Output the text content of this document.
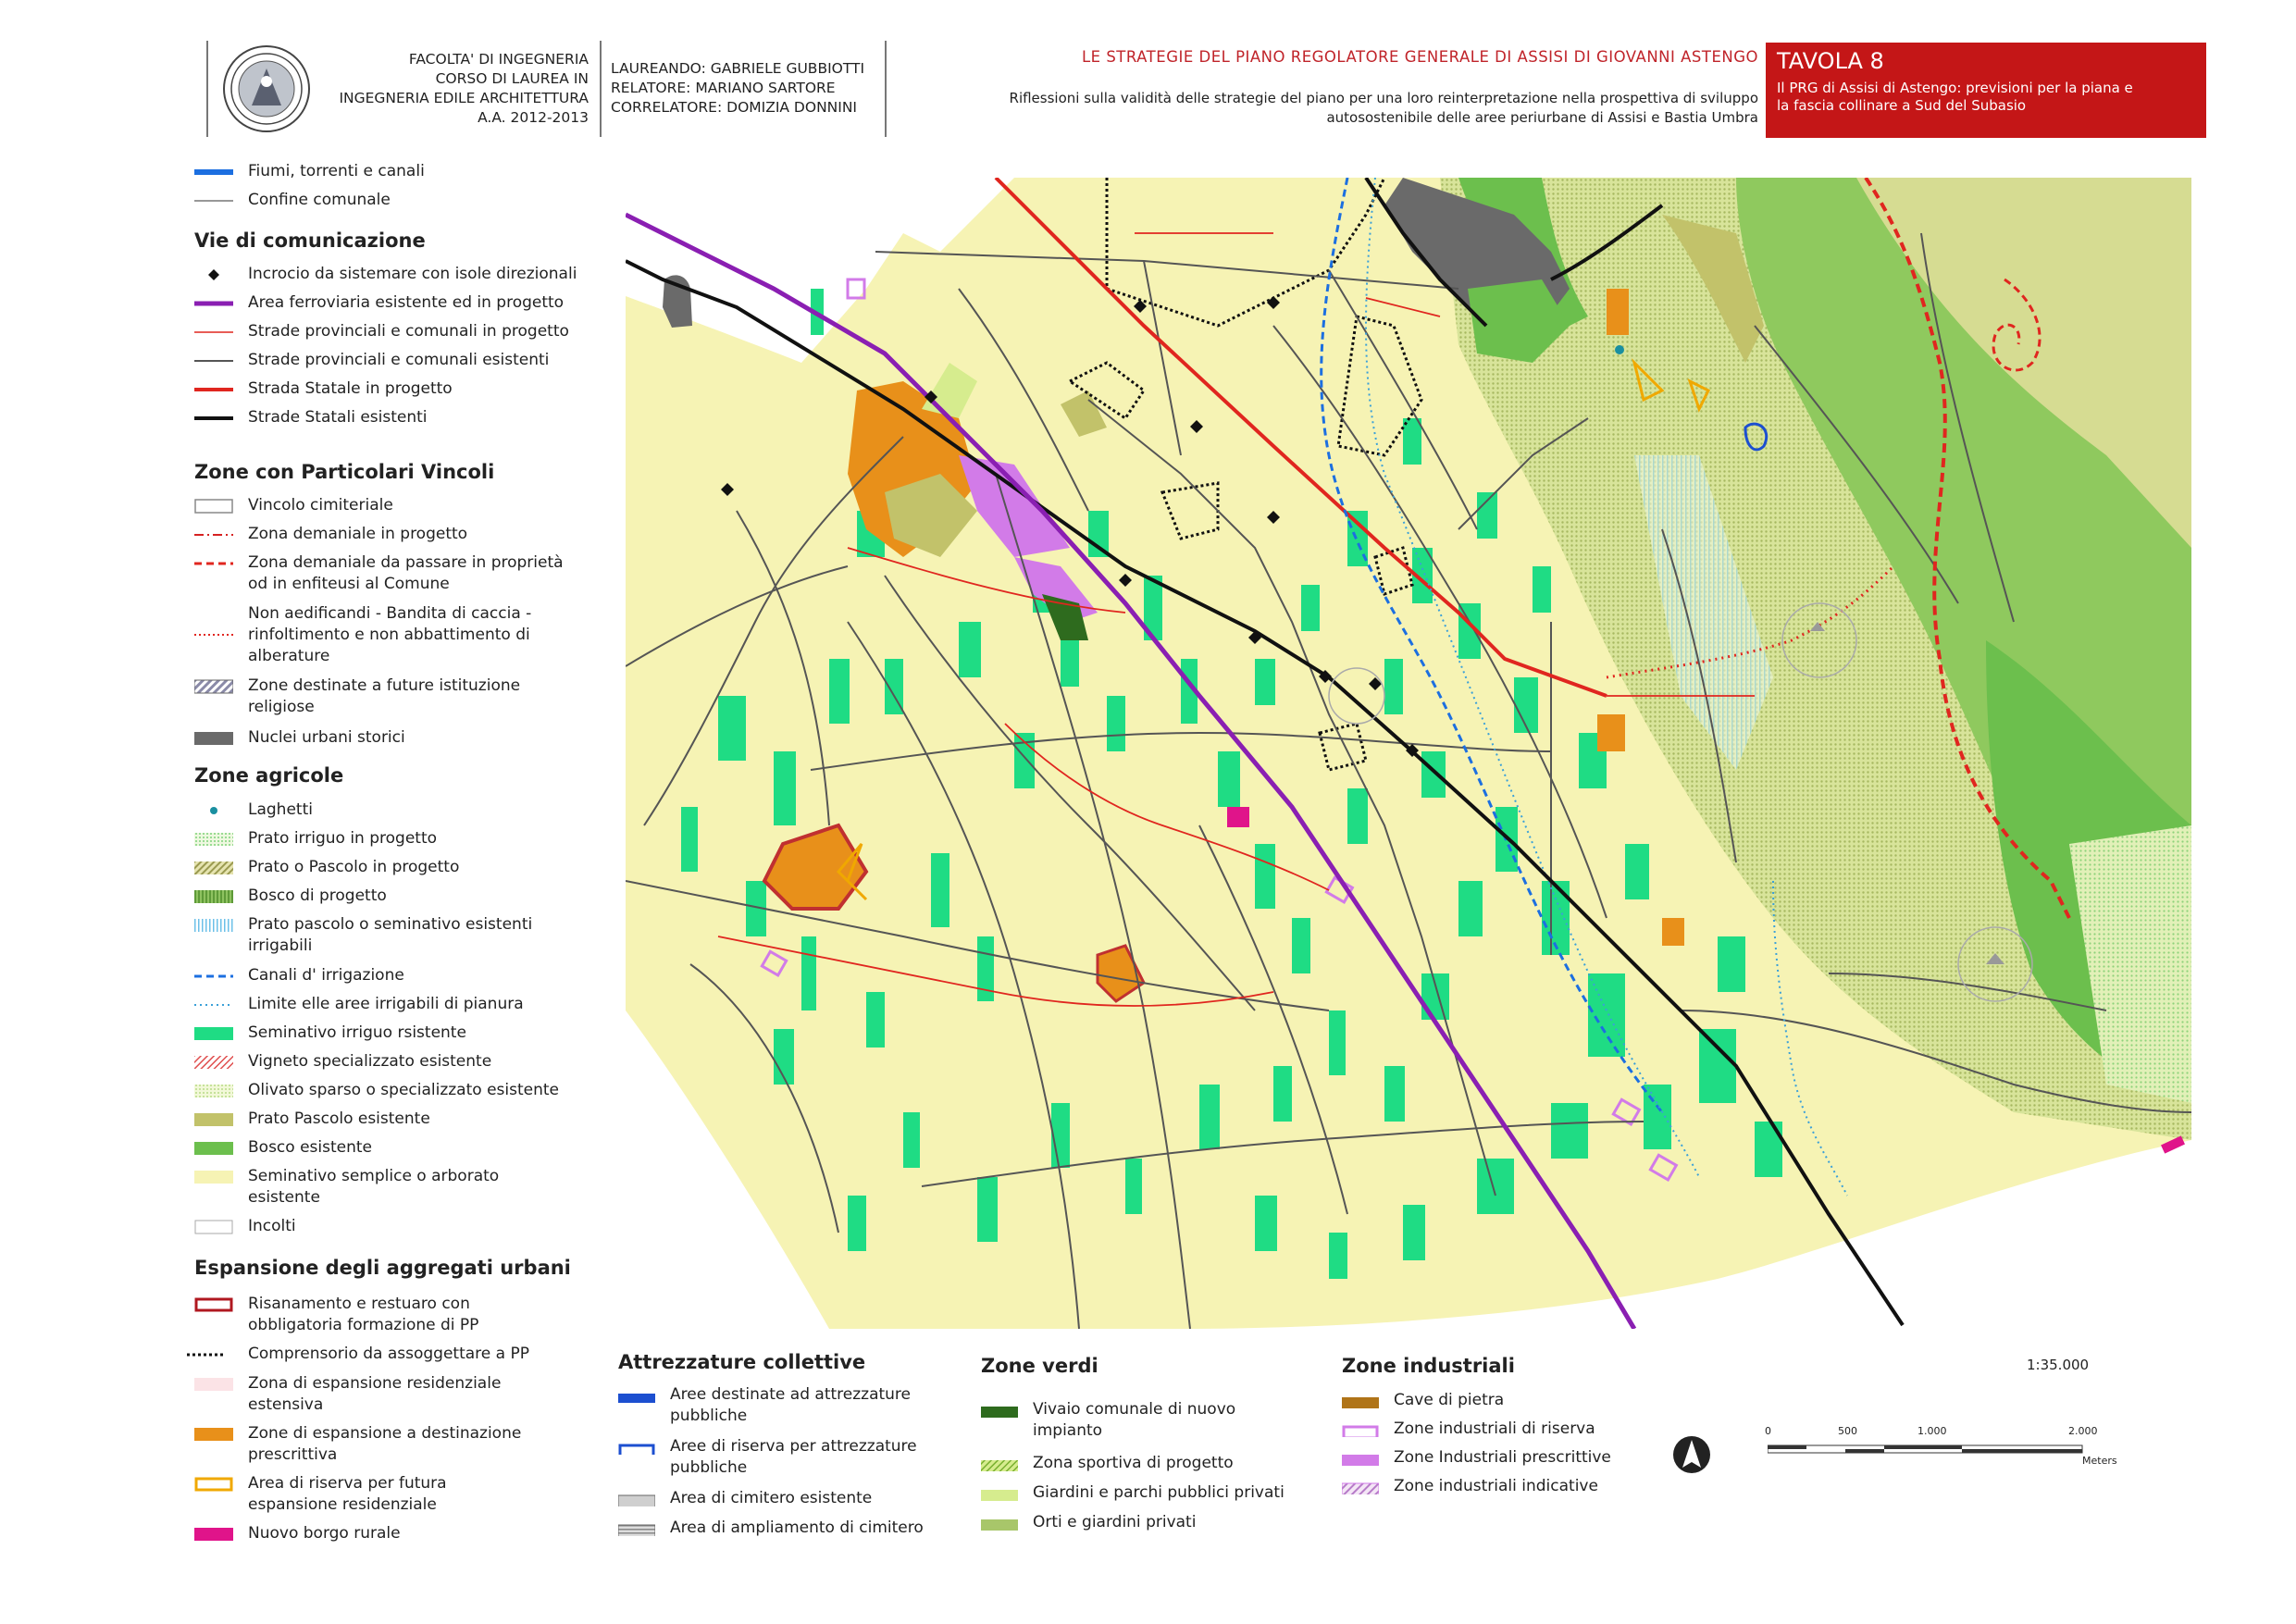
FACOLTA' DI INGEGNERIA
CORSO DI LAUREA IN
INGEGNERIA EDILE ARCHITETTURA
A.A. 2012-2013
LAUREANDO: GABRIELE GUBBIOTTI
RELATORE: MARIANO SARTORE
CORRELATORE: DOMIZIA DONNINI
LE STRATEGIE DEL PIANO REGOLATORE GENERALE DI ASSISI DI GIOVANNI ASTENGO
Riflessioni sulla validità delle strategie del piano per una loro reinterpretazione nella prospettiva di sviluppo
autosostenibile delle aree periurbane di Assisi e Bastia Umbra
TAVOLA 8
Il PRG di Assisi di Astengo: previsioni per la piana e
la fascia collinare a Sud del Subasio
Fiumi, torrenti e canali
Confine comunale
Vie di comunicazione
Incrocio da sistemare con isole direzionali
Area ferroviaria esistente ed in progetto
Strade provinciali e comunali in progetto
Strade provinciali e comunali esistenti
Strada Statale in progetto
Strade Statali esistenti
Zone con Particolari Vincoli
Vincolo cimiteriale
Zona demaniale in progetto
Zona demaniale da passare in proprietà
od in enfiteusi al Comune
Non aedificandi - Bandita di caccia -
rinfoltimento e non abbattimento di
alberature
Zone destinate a future istituzione
religiose
Nuclei urbani storici
Zone agricole
Laghetti
Prato irriguo in progetto
Prato o Pascolo in progetto
Bosco di progetto
Prato pascolo o seminativo esistenti
irrigabili
Canali d' irrigazione
Limite elle aree irrigabili di pianura
Seminativo irriguo rsistente
Vigneto specializzato esistente
Olivato sparso o specializzato esistente
Prato Pascolo esistente
Bosco esistente
Seminativo semplice o arborato
esistente
Incolti
Espansione degli aggregati urbani
Risanamento e restuaro con
obbligatoria formazione di PP
Comprensorio da assoggettare a PP
Zona di espansione residenziale
estensiva
Zone di espansione a destinazione
prescrittiva
Area di riserva per futura
espansione residenziale
Nuovo borgo rurale
Attrezzature collettive
Aree destinate ad attrezzature
pubbliche
Aree di riserva per attrezzature
pubbliche
Area di cimitero esistente
Area di ampliamento di cimitero
Zone verdi
Vivaio comunale di nuovo
impianto
Zona sportiva di progetto
Giardini e parchi pubblici privati
Orti e giardini privati
Zone industriali
Cave di pietra
Zone industriali di riserva
Zone Industriali prescrittive
Zone industriali indicative
1:35.000
0	500	1.000	2.000
Meters
